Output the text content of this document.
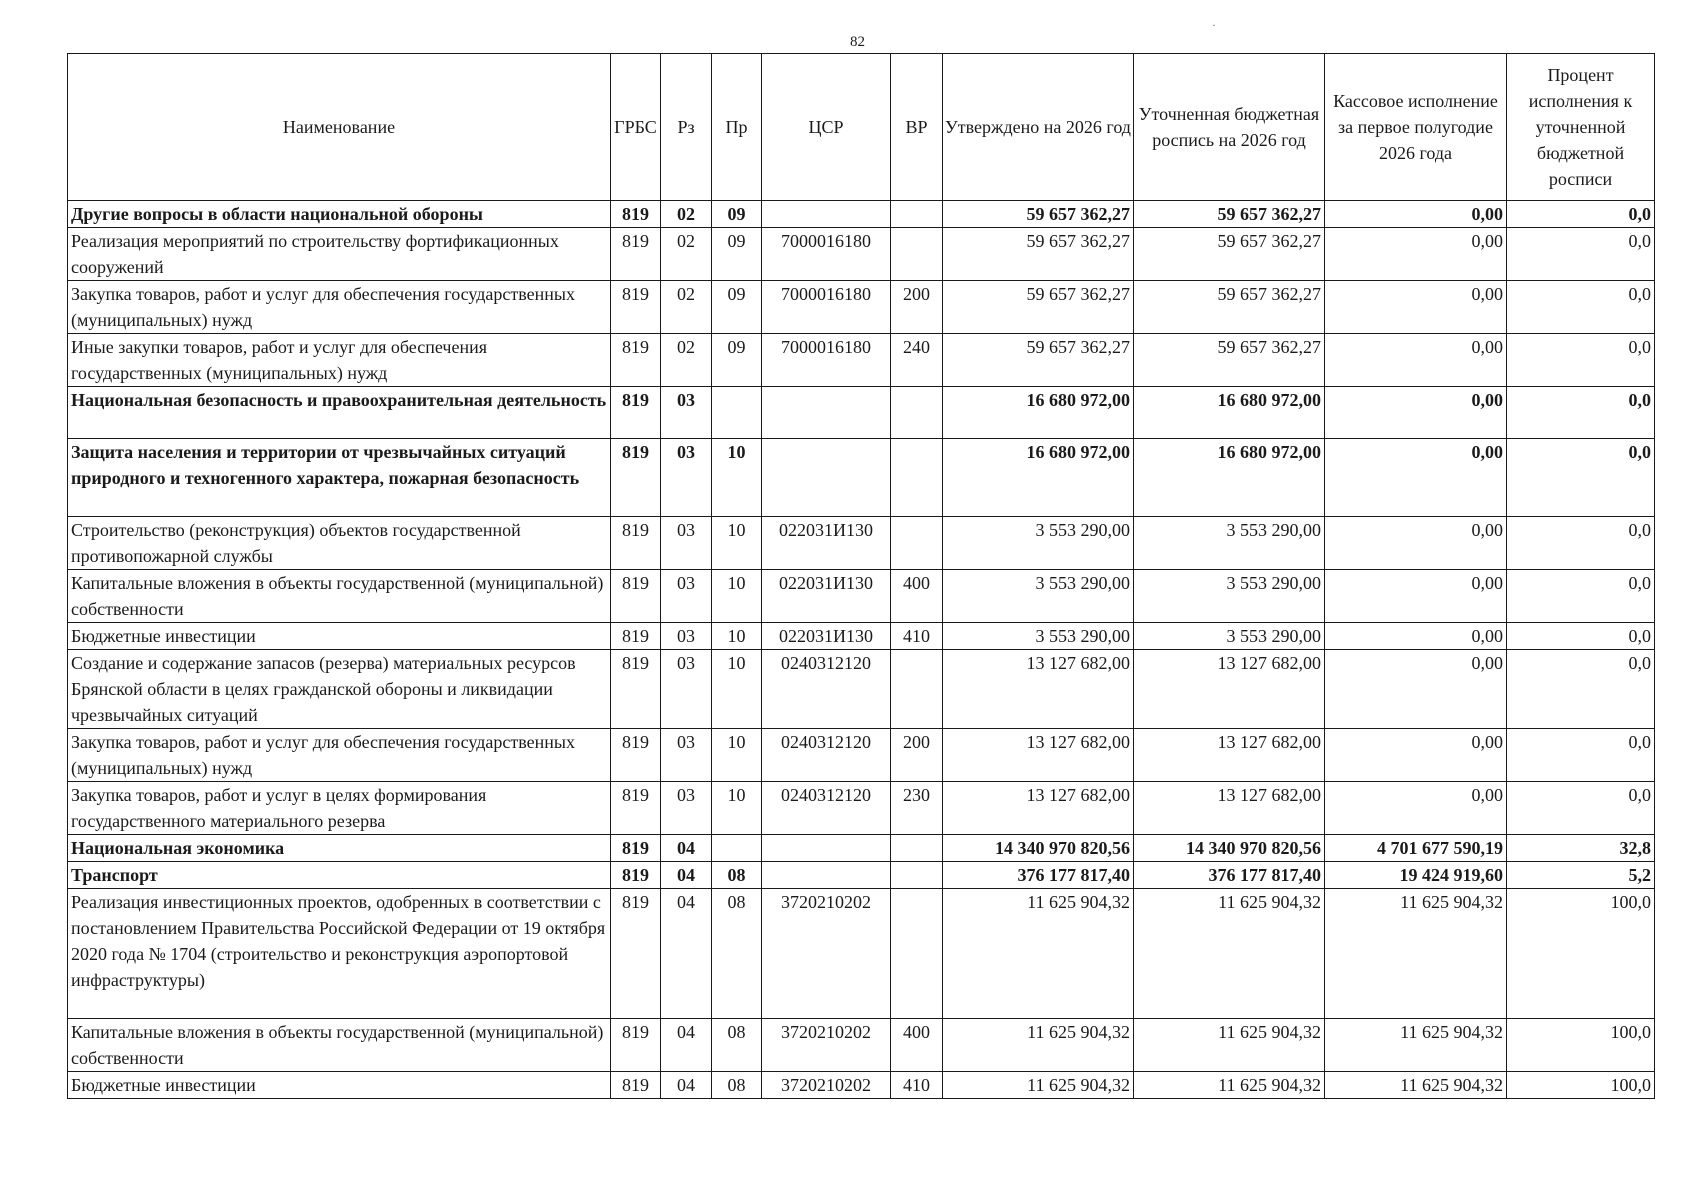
82
Наименование	ГРБС	Рз	Пр	ЦСР	ВР	Утверждено на 2026 год	Уточненная бюджетная роспись на 2026 год	Кассовое исполнение за первое полугодие 2026 года	Процент исполнения к уточненной бюджетной росписи
Другие вопросы в области национальной обороны	819	02	09			59 657 362,27	59 657 362,27	0,00	0,0
Реализация мероприятий по строительству фортификационных сооружений	819	02	09	7000016180		59 657 362,27	59 657 362,27	0,00	0,0
Закупка товаров, работ и услуг для обеспечения государственных (муниципальных) нужд	819	02	09	7000016180	200	59 657 362,27	59 657 362,27	0,00	0,0
Иные закупки товаров, работ и услуг для обеспечения государственных (муниципальных) нужд	819	02	09	7000016180	240	59 657 362,27	59 657 362,27	0,00	0,0
Национальная безопасность и правоохранительная деятельность	819	03				16 680 972,00	16 680 972,00	0,00	0,0
Защита населения и территории от чрезвычайных ситуаций природного и техногенного характера, пожарная безопасность	819	03	10			16 680 972,00	16 680 972,00	0,00	0,0
Строительство (реконструкция) объектов государственной противопожарной службы	819	03	10	022031И130		3 553 290,00	3 553 290,00	0,00	0,0
Капитальные вложения в объекты государственной (муниципальной) собственности	819	03	10	022031И130	400	3 553 290,00	3 553 290,00	0,00	0,0
Бюджетные инвестиции	819	03	10	022031И130	410	3 553 290,00	3 553 290,00	0,00	0,0
Создание и содержание запасов (резерва) материальных ресурсов Брянской области в целях гражданской обороны и ликвидации чрезвычайных ситуаций	819	03	10	0240312120		13 127 682,00	13 127 682,00	0,00	0,0
Закупка товаров, работ и услуг для обеспечения государственных (муниципальных) нужд	819	03	10	0240312120	200	13 127 682,00	13 127 682,00	0,00	0,0
Закупка товаров, работ и услуг в целях формирования государственного материального резерва	819	03	10	0240312120	230	13 127 682,00	13 127 682,00	0,00	0,0
Национальная экономика	819	04				14 340 970 820,56	14 340 970 820,56	4 701 677 590,19	32,8
Транспорт	819	04	08			376 177 817,40	376 177 817,40	19 424 919,60	5,2
Реализация инвестиционных проектов, одобренных в соответствии с постановлением Правительства Российской Федерации от 19 октября 2020 года № 1704 (строительство и реконструкция аэропортовой инфраструктуры)	819	04	08	3720210202		11 625 904,32	11 625 904,32	11 625 904,32	100,0
Капитальные вложения в объекты государственной (муниципальной) собственности	819	04	08	3720210202	400	11 625 904,32	11 625 904,32	11 625 904,32	100,0
Бюджетные инвестиции	819	04	08	3720210202	410	11 625 904,32	11 625 904,32	11 625 904,32	100,0
·
